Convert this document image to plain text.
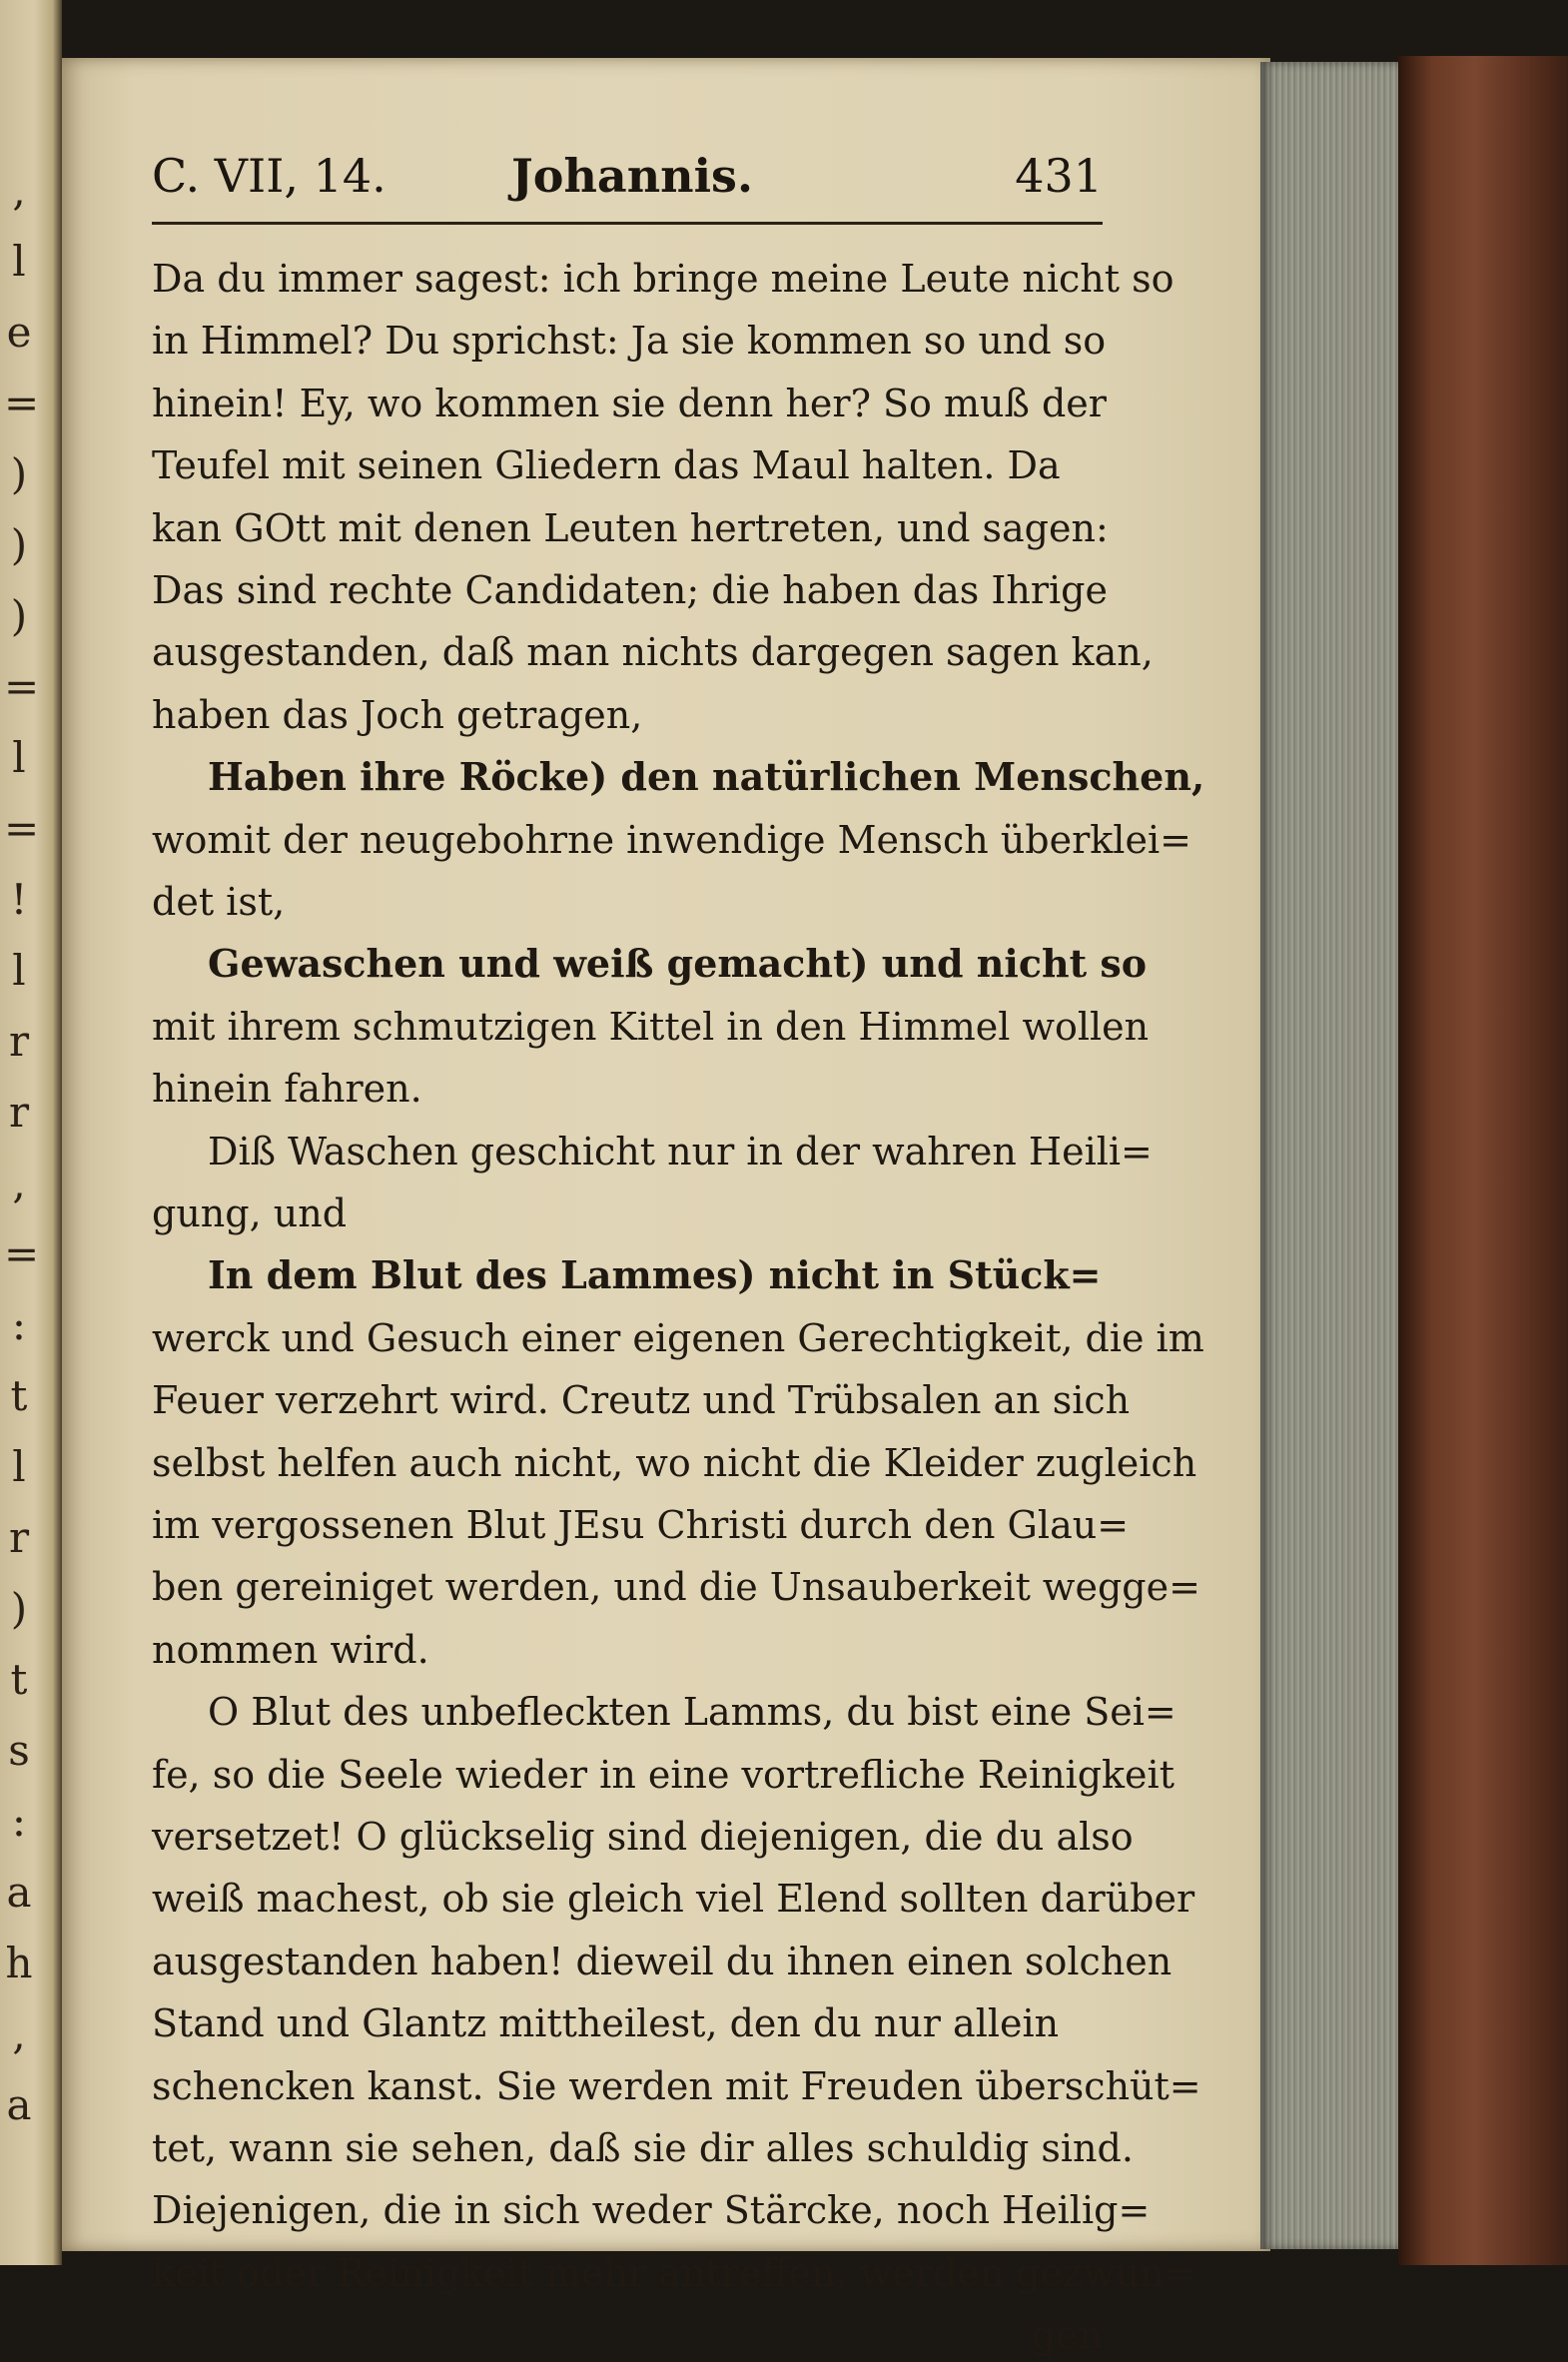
,
l
e
=
)
)
)
=
l
=
!
l
r
r
,
=
:
t
l
r
)
t
s
:
a
h
,
a
C. VII, 14.	Johannis.	431
Da du immer sagest: ich bringe meine Leute nicht so
in Himmel? Du sprichst: Ja sie kommen so und so
hinein! Ey, wo kommen sie denn her? So muß der
Teufel mit seinen Gliedern das Maul halten. Da
kan GOtt mit denen Leuten hertreten, und sagen:
Das sind rechte Candidaten; die haben das Ihrige
ausgestanden, daß man nichts dargegen sagen kan,
haben das Joch getragen,
Haben ihre Röcke) den natürlichen Menschen,
womit der neugebohrne inwendige Mensch überklei=
det ist,
Gewaschen und weiß gemacht) und nicht so
mit ihrem schmutzigen Kittel in den Himmel wollen
hinein fahren.
Diß Waschen geschicht nur in der wahren Heili=
gung, und
In dem Blut des Lammes) nicht in Stück=
werck und Gesuch einer eigenen Gerechtigkeit, die im
Feuer verzehrt wird. Creutz und Trübsalen an sich
selbst helfen auch nicht, wo nicht die Kleider zugleich
im vergossenen Blut JEsu Christi durch den Glau=
ben gereiniget werden, und die Unsauberkeit wegge=
nommen wird.
O Blut des unbefleckten Lamms, du bist eine Sei=
fe, so die Seele wieder in eine vortrefliche Reinigkeit
versetzet! O glückselig sind diejenigen, die du also
weiß machest, ob sie gleich viel Elend sollten darüber
ausgestanden haben! dieweil du ihnen einen solchen
Stand und Glantz mittheilest, den du nur allein
schencken kanst. Sie werden mit Freuden überschüt=
tet, wann sie sehen, daß sie dir alles schuldig sind.
Diejenigen, die in sich weder Stärcke, noch Heilig=
keit oder Reinigkeit mehr antreffen, werden gezwun=
gen
